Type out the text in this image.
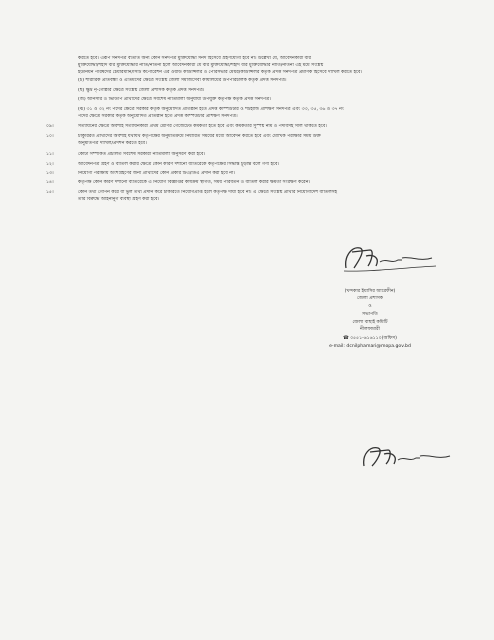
করতে হবে। এরূপ সনদপত্র ব্যতীত অন্য কোন সনদপত্র মুক্তিযোদ্ধা সনদ হিসেবে গ্রহণযোগ্য হবে না। উল্লেখ্য যে, আবেদনকারী বীর
মুক্তিযোদ্ধা/শহীদ বীর মুক্তিযোদ্ধার নাতি/নাতনী হলে আবেদনকারী যে বীর মুক্তিযোদ্ধা/শহীদ বীর মুক্তিযোদ্ধার নাতি/নাতনী এই মর্মে সংশ্লিষ্ট
ইউনিয়ন পরিষদের চেয়ারম্যান/সিটি কর্পোরেশন এর ওয়ার্ড কাউন্সিলর ও পৌরসভার মেয়র/কাউন্সিলর কর্তৃক প্রদত্ত সনদপত্র প্রমাণক হিসেবে দাখিল করতে হবে।
(চ) শারীরিক প্রতিবন্ধী ও এতিমদের ক্ষেত্রে সংশ্লিষ্ট জেলা সমাজসেবা কার্যালয়ের উপপরিচালক কর্তৃক প্রদত্ত সনদপত্র।
(ছ) ক্ষুদ্র নৃ-গোষ্ঠীর ক্ষেত্রে সংশ্লিষ্ট জেলা প্রশাসক কর্তৃক প্রদত্ত সনদপত্র।
(জ) আনসার ও ভিডিপি প্রার্থীদের ক্ষেত্রে সর্বশেষ নীতিমালা অনুযায়ী উপযুক্ত কর্তৃপক্ষ কর্তৃক প্রদত্ত সনদপত্র।
(ঝ) ৩১ ও ৩২ নং পদের ক্ষেত্রে সরকার কর্তৃক অনুমোদিত প্রতিষ্ঠান হতে প্রদত্ত কম্পিউটার ও শর্টহ্যান্ড প্রশিক্ষণ সনদপত্র এবং ৩৩, ৩৫, ৩৬ ও ৩৭ নং
পদের ক্ষেত্রে সরকার কর্তৃক অনুমোদিত প্রতিষ্ঠান হতে প্রদত্ত কম্পিউটার প্রশিক্ষণ সনদপত্র।
০৯।	সত্যায়নের ক্ষেত্রে অবশ্যই সত্যায়নকারী প্রথম শ্রেণির গেজেটেড কর্মকর্তা হতে হবে এবং কর্মকর্তার সুস্পষ্ট নাম ও পদবিসহ সীল থাকতে হবে।
১০।	চাকুরিরত প্রার্থীদের অবশ্যই যথাযথ কর্তৃপক্ষের অনুমতিক্রমে নির্ধারিত সময়ের মধ্যে আবেদন করতে হবে এবং মৌখিক পরীক্ষার সময় উক্ত
অনুমতিপত্র দাখিল/প্রদর্শন করতে হবে।
১১।	কোটা সম্পর্কিত প্রচলিত সর্বশেষ সরকারী নীতিমালা অনুসরণ করা হবে।
১২।	আবেদনপত্র গ্রহণ ও বাতিল করার ক্ষেত্রে কোন কারণ দর্শানো ব্যতিরেকে কর্তৃপক্ষের সিদ্ধান্ত চূড়ান্ত বলে গণ্য হবে।
১৩।	নিয়োগী পরীক্ষায় অংশগ্রহণের জন্য প্রার্থীদের কোন প্রকার টিএ/ডিএ প্রদান করা হবে না।
১৪।	কর্তৃপক্ষ কোন কারণ দর্শানো ব্যতিরেকে এ নিয়োগ বিজ্ঞপ্তির কার্যক্রম স্থগিত, সময় পরিবর্তন ও বাতিল করার ক্ষমতা সংরক্ষণ করেন।
১৫।	কোন তথ্য গোপন করে বা ভুল তথ্য প্রদান করে চাকরিতে নিয়োগপ্রাপ্ত হলে কর্তৃপক্ষ দায়ী হবে না। এ ক্ষেত্রে সংশ্লিষ্ট প্রার্থীর নিয়োগাদেশ বাতিলসহ
তার বিরুদ্ধে আইনানুগ ব্যবস্থা গ্রহণ করা হবে।
(খন্দকার ইয়াসির আরেফীন)
জেলা প্রশাসক
ও
সভাপতি
জেলা বাছাই কমিটি
নীলফামারী
☎ ০৫৫১-৬১৬১১০(অফিস)
e-mail: dcnilphamari@mopa.gov.bd
